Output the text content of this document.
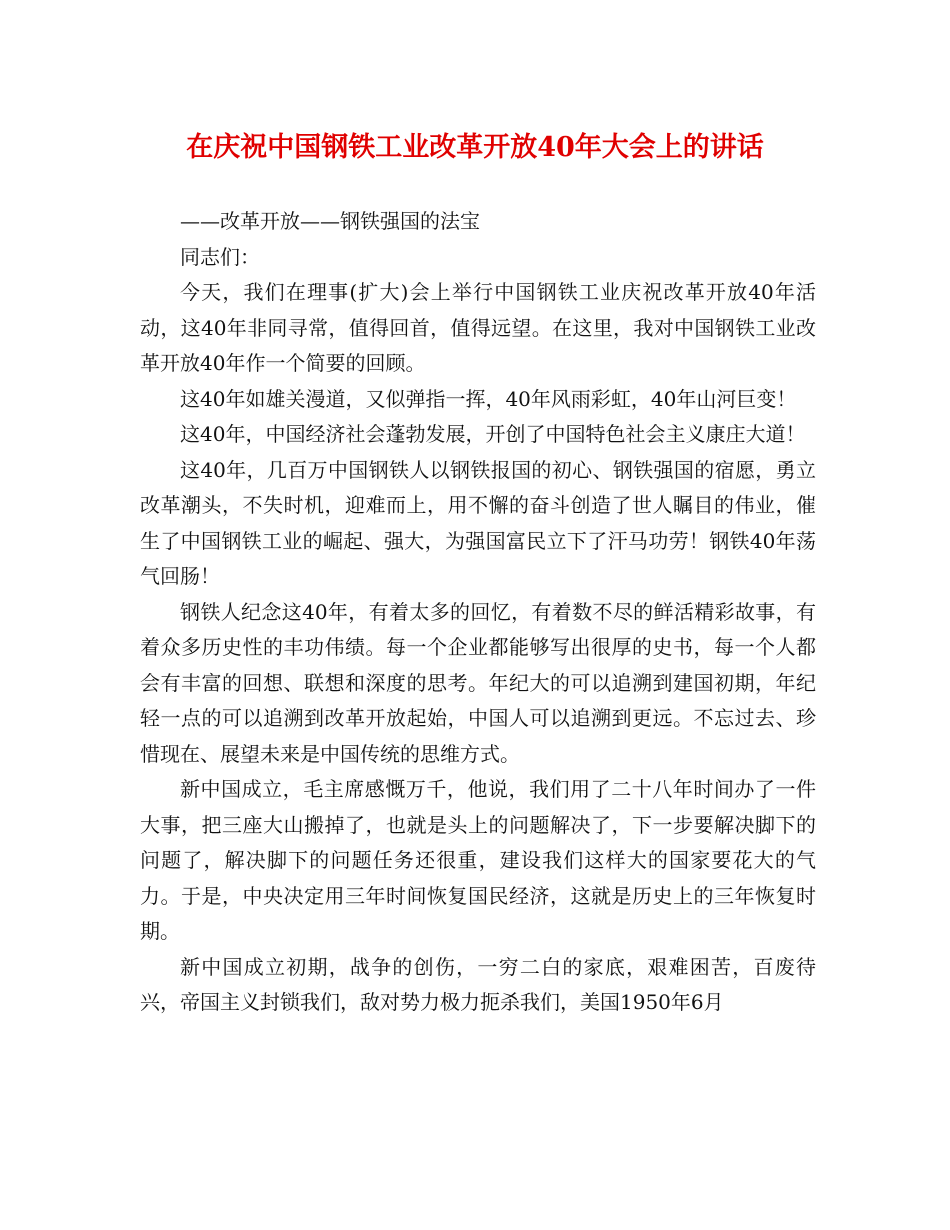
在庆祝中国钢铁工业改革开放40年大会上的讲话

——改革开放——钢铁强国的法宝

同志们：

今天，我们在理事(扩大)会上举行中国钢铁工业庆祝改革开放40年活动，这40年非同寻常，值得回首，值得远望。在这里，我对中国钢铁工业改革开放40年作一个简要的回顾。

这40年如雄关漫道，又似弹指一挥，40年风雨彩虹，40年山河巨变！

这40年，中国经济社会蓬勃发展，开创了中国特色社会主义康庄大道！

这40年，几百万中国钢铁人以钢铁报国的初心、钢铁强国的宿愿，勇立改革潮头，不失时机，迎难而上，用不懈的奋斗创造了世人瞩目的伟业，催生了中国钢铁工业的崛起、强大，为强国富民立下了汗马功劳！钢铁40年荡气回肠！

钢铁人纪念这40年，有着太多的回忆，有着数不尽的鲜活精彩故事，有着众多历史性的丰功伟绩。每一个企业都能够写出很厚的史书，每一个人都会有丰富的回想、联想和深度的思考。年纪大的可以追溯到建国初期，年纪轻一点的可以追溯到改革开放起始，中国人可以追溯到更远。不忘过去、珍惜现在、展望未来是中国传统的思维方式。

新中国成立，毛主席感慨万千，他说，我们用了二十八年时间办了一件大事，把三座大山搬掉了，也就是头上的问题解决了，下一步要解决脚下的问题了，解决脚下的问题任务还很重，建设我们这样大的国家要花大的气力。于是，中央决定用三年时间恢复国民经济，这就是历史上的三年恢复时期。

新中国成立初期，战争的创伤，一穷二白的家底，艰难困苦，百废待兴，帝国主义封锁我们，敌对势力极力扼杀我们，美国1950年6月
